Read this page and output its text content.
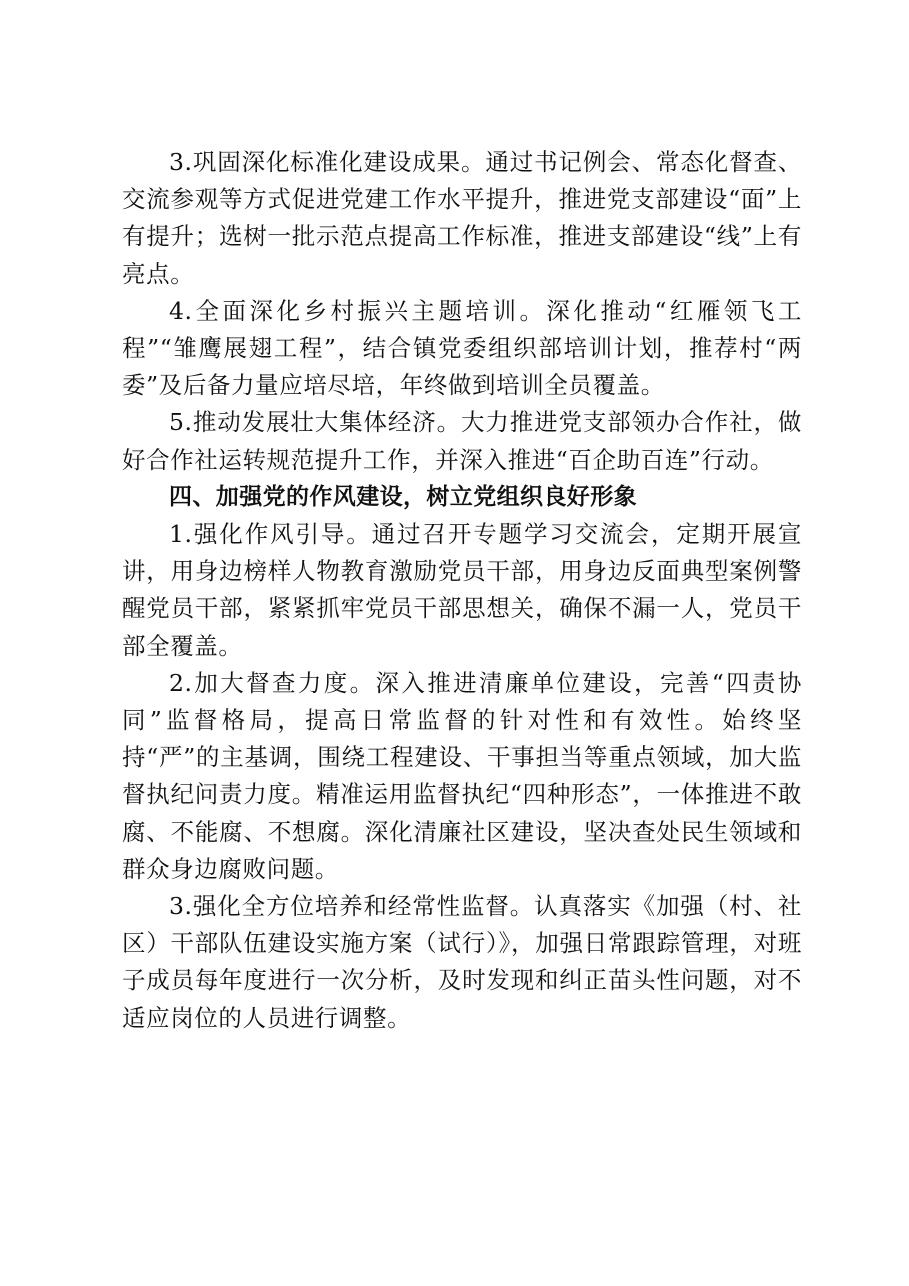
3.巩固深化标准化建设成果。通过书记例会、常态化督查、交流参观等方式促进党建工作水平提升，推进党支部建设“面”上有提升；选树一批示范点提高工作标准，推进支部建设“线”上有亮点。

4.全面深化乡村振兴主题培训。深化推动“红雁领飞工程”“雏鹰展翅工程”，结合镇党委组织部培训计划，推荐村“两委”及后备力量应培尽培，年终做到培训全员覆盖。

5.推动发展壮大集体经济。大力推进党支部领办合作社，做好合作社运转规范提升工作，并深入推进“百企助百连”行动。

四、加强党的作风建设，树立党组织良好形象

1.强化作风引导。通过召开专题学习交流会，定期开展宣讲，用身边榜样人物教育激励党员干部，用身边反面典型案例警醒党员干部，紧紧抓牢党员干部思想关，确保不漏一人，党员干部全覆盖。

2.加大督查力度。深入推进清廉单位建设，完善“四责协同”监督格局，提高日常监督的针对性和有效性。始终坚持“严”的主基调，围绕工程建设、干事担当等重点领域，加大监督执纪问责力度。精准运用监督执纪“四种形态”，一体推进不敢腐、不能腐、不想腐。深化清廉社区建设，坚决查处民生领域和群众身边腐败问题。

3.强化全方位培养和经常性监督。认真落实《加强（村、社区）干部队伍建设实施方案（试行）》，加强日常跟踪管理，对班子成员每年度进行一次分析，及时发现和纠正苗头性问题，对不适应岗位的人员进行调整。
